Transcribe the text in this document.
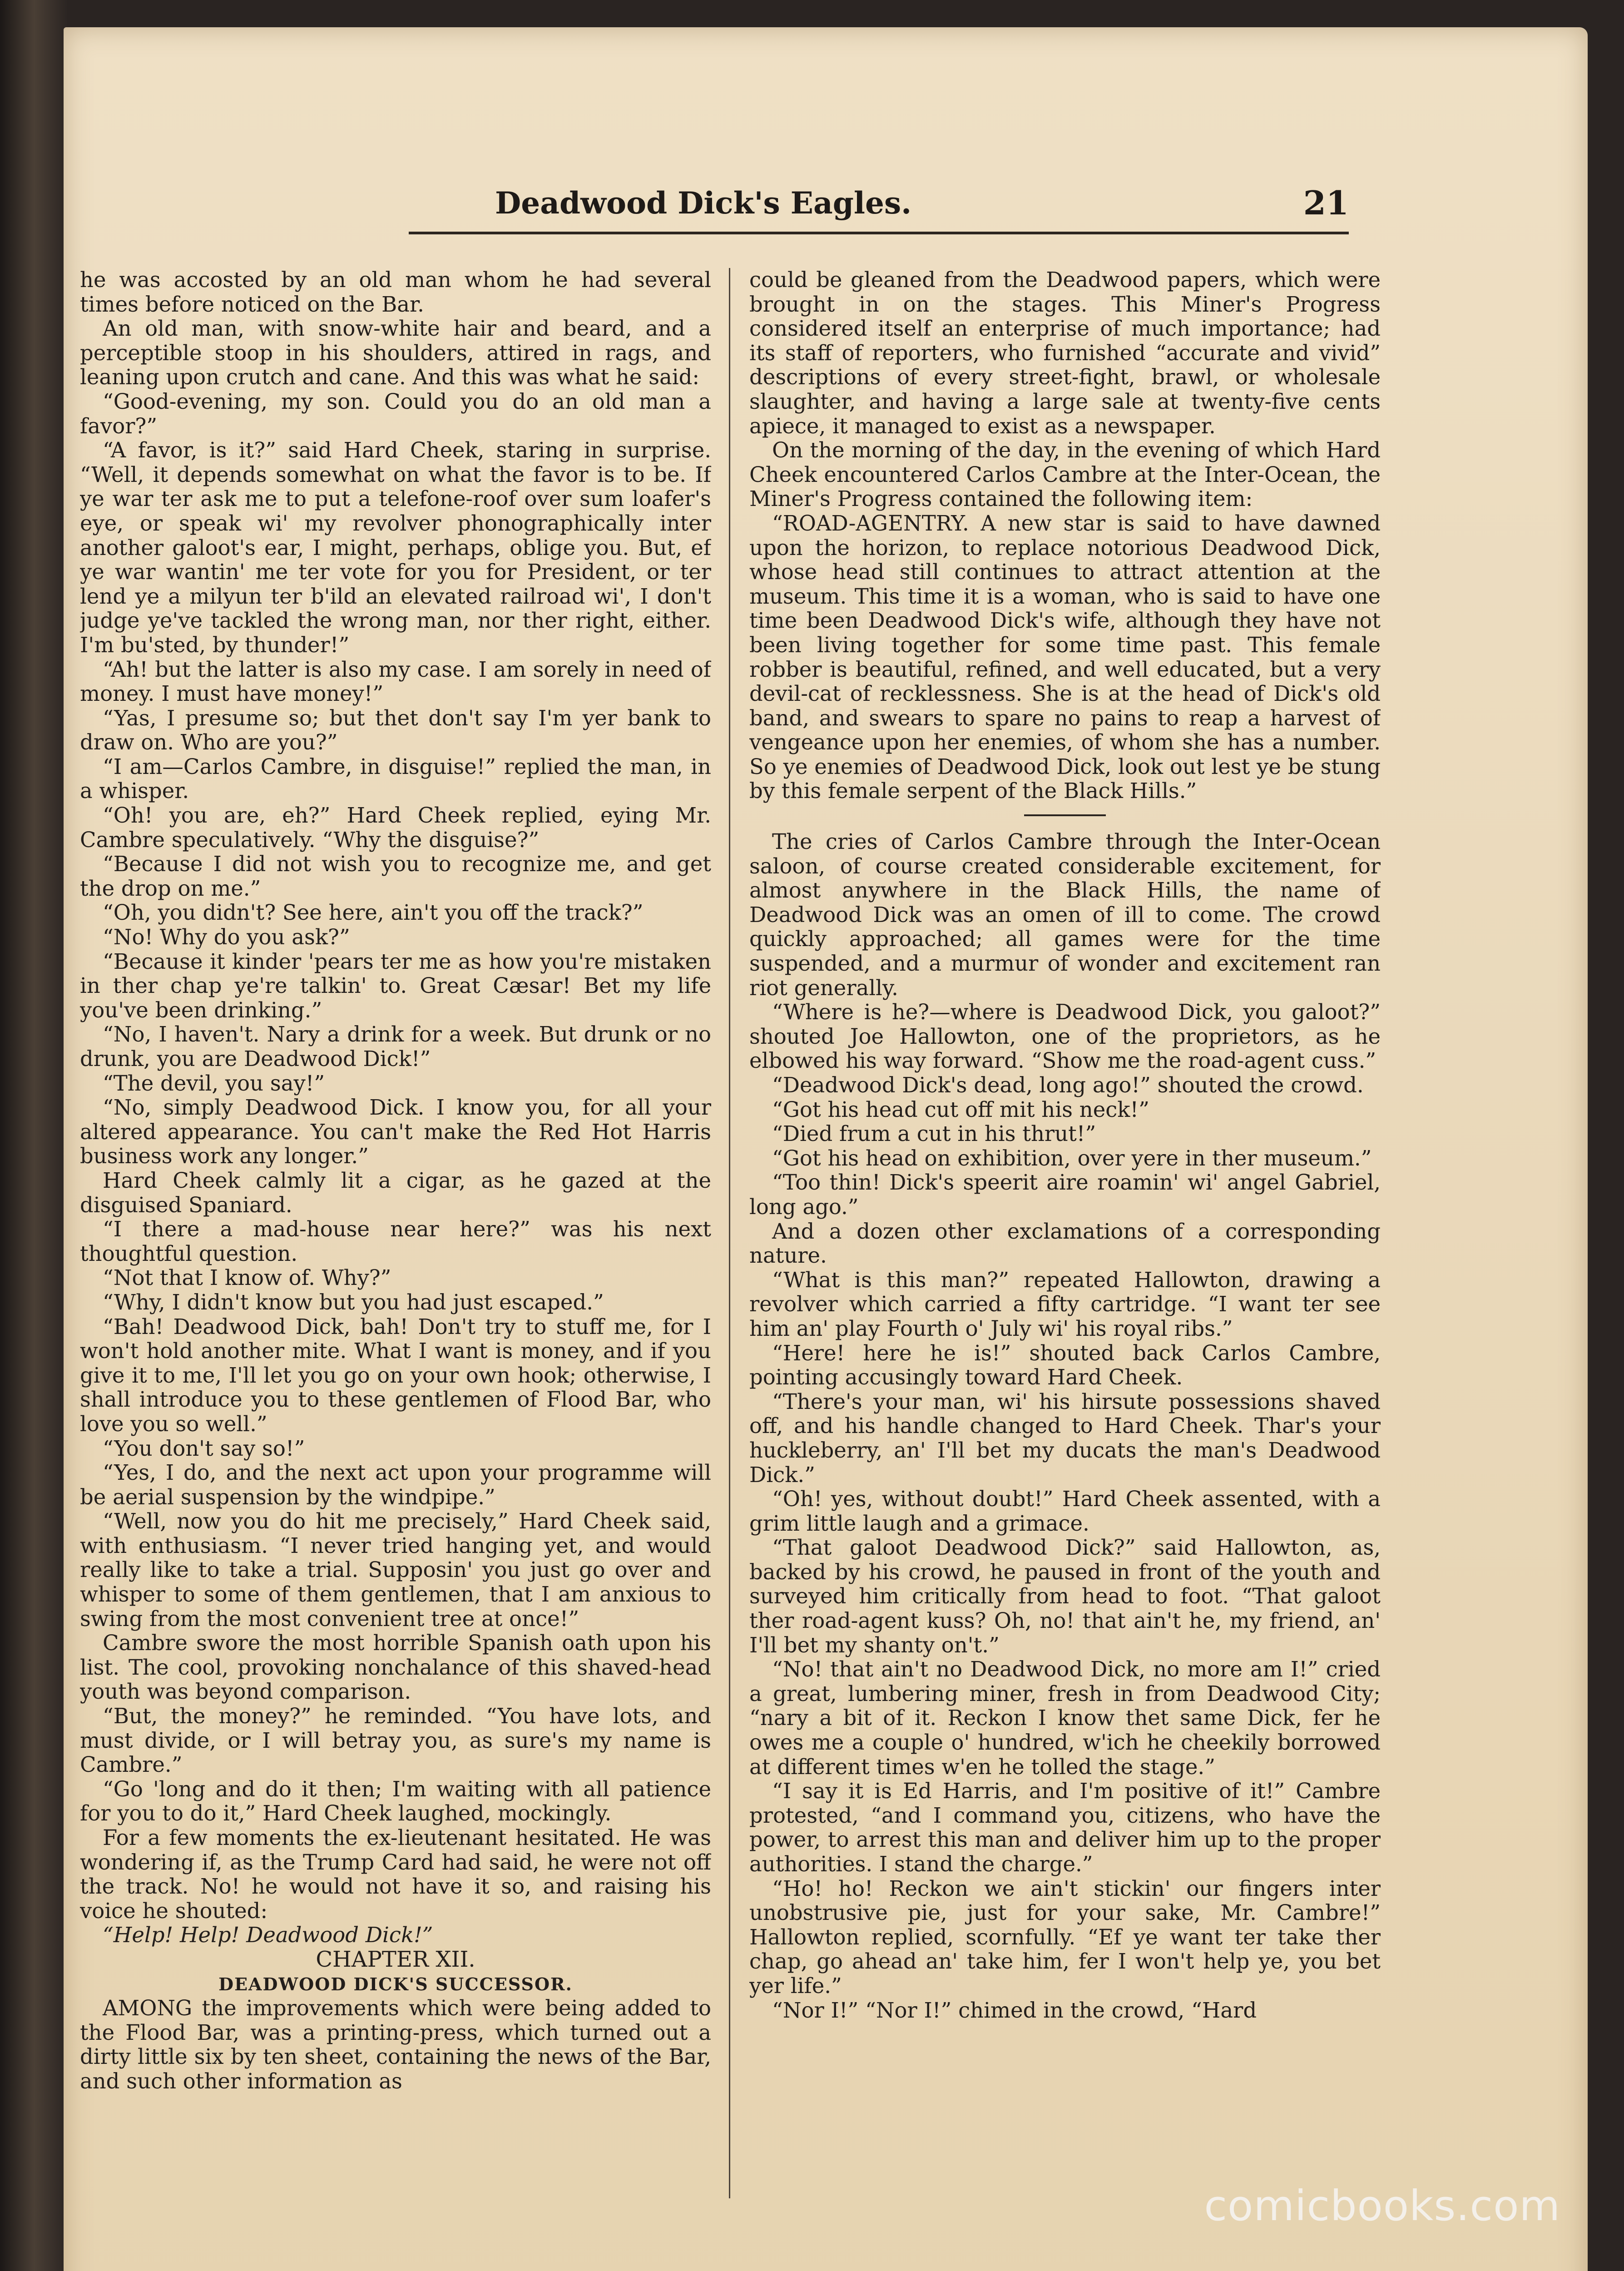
Deadwood Dick's Eagles.	21

he was accosted by an old man whom he had several times before noticed on the Bar.

An old man, with snow-white hair and beard, and a perceptible stoop in his shoulders, attired in rags, and leaning upon crutch and cane. And this was what he said:

“Good-evening, my son. Could you do an old man a favor?”

“A favor, is it?” said Hard Cheek, staring in surprise. “Well, it depends somewhat on what the favor is to be. If ye war ter ask me to put a telefone-roof over sum loafer's eye, or speak wi' my revolver phonographically inter another galoot's ear, I might, perhaps, oblige you. But, ef ye war wantin' me ter vote for you for President, or ter lend ye a milyun ter b'ild an elevated railroad wi', I don't judge ye've tackled the wrong man, nor ther right, either. I'm bu'sted, by thunder!”

“Ah! but the latter is also my case. I am sorely in need of money. I must have money!”

“Yas, I presume so; but thet don't say I'm yer bank to draw on. Who are you?”

“I am—Carlos Cambre, in disguise!” replied the man, in a whisper.

“Oh! you are, eh?” Hard Cheek replied, eying Mr. Cambre speculatively. “Why the disguise?”

“Because I did not wish you to recognize me, and get the drop on me.”

“Oh, you didn't? See here, ain't you off the track?”

“No! Why do you ask?”

“Because it kinder 'pears ter me as how you're mistaken in ther chap ye're talkin' to. Great Cæsar! Bet my life you've been drinking.”

“No, I haven't. Nary a drink for a week. But drunk or no drunk, you are Deadwood Dick!”

“The devil, you say!”

“No, simply Deadwood Dick. I know you, for all your altered appearance. You can't make the Red Hot Harris business work any longer.”

Hard Cheek calmly lit a cigar, as he gazed at the disguised Spaniard.

“I there a mad-house near here?” was his next thoughtful question.

“Not that I know of. Why?”

“Why, I didn't know but you had just escaped.”

“Bah! Deadwood Dick, bah! Don't try to stuff me, for I won't hold another mite. What I want is money, and if you give it to me, I'll let you go on your own hook; otherwise, I shall introduce you to these gentlemen of Flood Bar, who love you so well.”

“You don't say so!”

“Yes, I do, and the next act upon your programme will be aerial suspension by the windpipe.”

“Well, now you do hit me precisely,” Hard Cheek said, with enthusiasm. “I never tried hanging yet, and would really like to take a trial. Supposin' you just go over and whisper to some of them gentlemen, that I am anxious to swing from the most convenient tree at once!”

Cambre swore the most horrible Spanish oath upon his list. The cool, provoking nonchalance of this shaved-head youth was beyond comparison.

“But, the money?” he reminded. “You have lots, and must divide, or I will betray you, as sure's my name is Cambre.”

“Go 'long and do it then; I'm waiting with all patience for you to do it,” Hard Cheek laughed, mockingly.

For a few moments the ex-lieutenant hesitated. He was wondering if, as the Trump Card had said, he were not off the track. No! he would not have it so, and raising his voice he shouted:

“Help! Help! Deadwood Dick!”

CHAPTER XII.

DEADWOOD DICK'S SUCCESSOR.

AMONG the improvements which were being added to the Flood Bar, was a printing-press, which turned out a dirty little six by ten sheet, containing the news of the Bar, and such other information as

could be gleaned from the Deadwood papers, which were brought in on the stages. This Miner's Progress considered itself an enterprise of much importance; had its staff of reporters, who furnished “accurate and vivid” descriptions of every street-fight, brawl, or wholesale slaughter, and having a large sale at twenty-five cents apiece, it managed to exist as a newspaper.

On the morning of the day, in the evening of which Hard Cheek encountered Carlos Cambre at the Inter-Ocean, the Miner's Progress contained the following item:

“ROAD-AGENTRY. A new star is said to have dawned upon the horizon, to replace notorious Deadwood Dick, whose head still continues to attract attention at the museum. This time it is a woman, who is said to have one time been Deadwood Dick's wife, although they have not been living together for some time past. This female robber is beautiful, refined, and well educated, but a very devil-cat of recklessness. She is at the head of Dick's old band, and swears to spare no pains to reap a harvest of vengeance upon her enemies, of whom she has a number. So ye enemies of Deadwood Dick, look out lest ye be stung by this female serpent of the Black Hills.”

The cries of Carlos Cambre through the Inter-Ocean saloon, of course created considerable excitement, for almost anywhere in the Black Hills, the name of Deadwood Dick was an omen of ill to come. The crowd quickly approached; all games were for the time suspended, and a murmur of wonder and excitement ran riot generally.

“Where is he?—where is Deadwood Dick, you galoot?” shouted Joe Hallowton, one of the proprietors, as he elbowed his way forward. “Show me the road-agent cuss.”

“Deadwood Dick's dead, long ago!” shouted the crowd.

“Got his head cut off mit his neck!”

“Died frum a cut in his thrut!”

“Got his head on exhibition, over yere in ther museum.”

“Too thin! Dick's speerit aire roamin' wi' angel Gabriel, long ago.”

And a dozen other exclamations of a corresponding nature.

“What is this man?” repeated Hallowton, drawing a revolver which carried a fifty cartridge. “I want ter see him an' play Fourth o' July wi' his royal ribs.”

“Here! here he is!” shouted back Carlos Cambre, pointing accusingly toward Hard Cheek.

“There's your man, wi' his hirsute possessions shaved off, and his handle changed to Hard Cheek. Thar's your huckleberry, an' I'll bet my ducats the man's Deadwood Dick.”

“Oh! yes, without doubt!” Hard Cheek assented, with a grim little laugh and a grimace.

“That galoot Deadwood Dick?” said Hallowton, as, backed by his crowd, he paused in front of the youth and surveyed him critically from head to foot. “That galoot ther road-agent kuss? Oh, no! that ain't he, my friend, an' I'll bet my shanty on't.”

“No! that ain't no Deadwood Dick, no more am I!” cried a great, lumbering miner, fresh in from Deadwood City; “nary a bit of it. Reckon I know thet same Dick, fer he owes me a couple o' hundred, w'ich he cheekily borrowed at different times w'en he tolled the stage.”

“I say it is Ed Harris, and I'm positive of it!” Cambre protested, “and I command you, citizens, who have the power, to arrest this man and deliver him up to the proper authorities. I stand the charge.”

“Ho! ho! Reckon we ain't stickin' our fingers inter unobstrusive pie, just for your sake, Mr. Cambre!” Hallowton replied, scornfully. “Ef ye want ter take ther chap, go ahead an' take him, fer I won't help ye, you bet yer life.”

“Nor I!” “Nor I!” chimed in the crowd, “Hard

comicbooks.com
